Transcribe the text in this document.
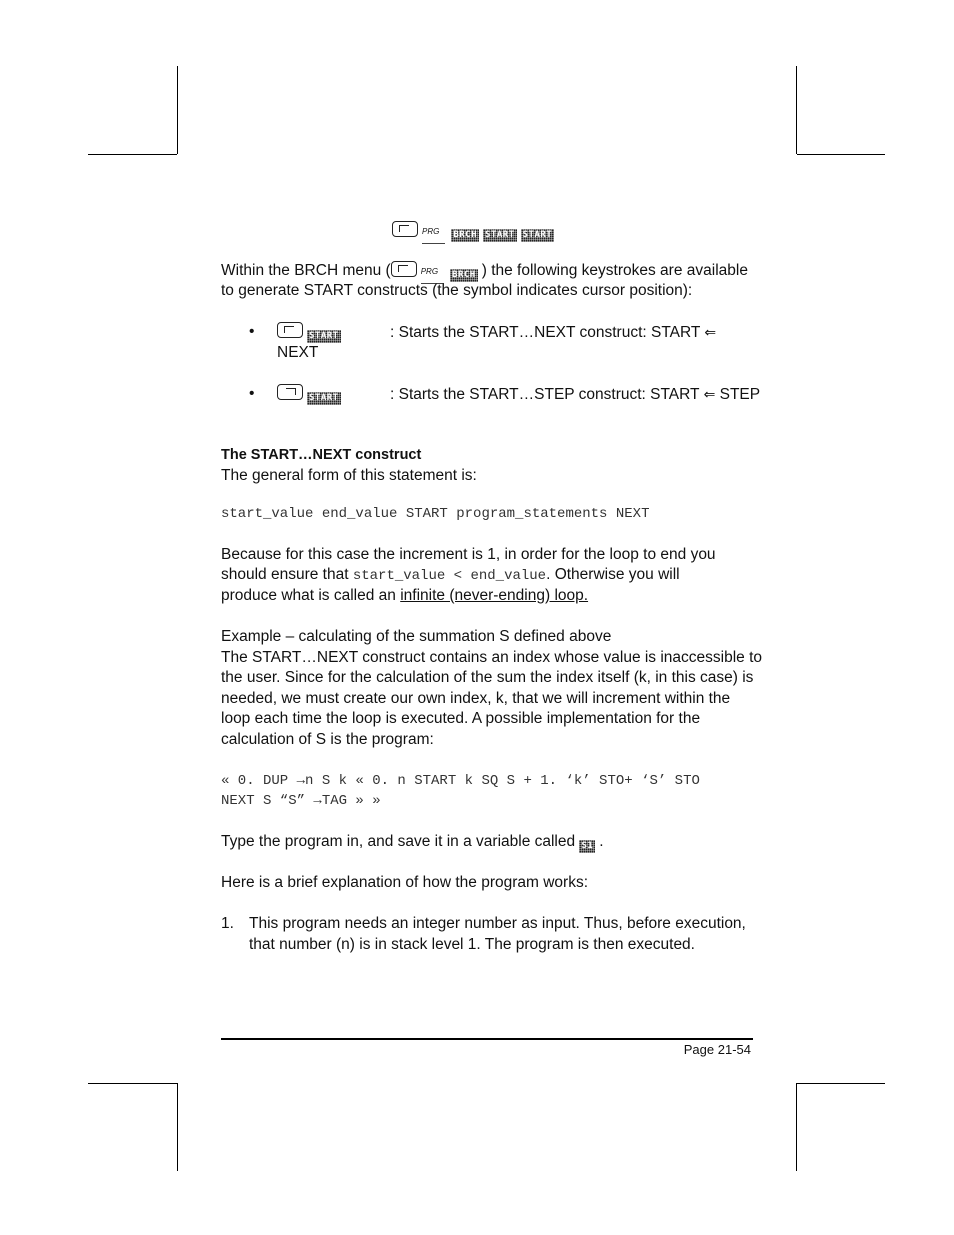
PRG BRCH START START
Within the BRCH menu (	PRG BRCH ) the following keystrokes are available
to generate START constructs (the symbol indicates cursor position):
•	START	: Starts the START…NEXT construct: START ⇐
NEXT
•	START	: Starts the START…STEP construct: START ⇐ STEP
The START…NEXT construct
The general form of this statement is:
start_value end_value START program_statements NEXT
Because for this case the increment is 1, in order for the loop to end you
should ensure that start_value < end_value. Otherwise you will
produce what is called an infinite (never-ending) loop.
Example – calculating of the summation S defined above
The START…NEXT construct contains an index whose value is inaccessible to
the user. Since for the calculation of the sum the index itself (k, in this case) is
needed, we must create our own index, k, that we will increment within the
loop each time the loop is executed. A possible implementation for the
calculation of S is the program:
« 0. DUP →n S k « 0. n START k SQ S + 1. ‘k’ STO+ ‘S’ STO
NEXT S “S” →TAG » »
Type the program in, and save it in a variable called S1 .
Here is a brief explanation of how the program works:
1. This program needs an integer number as input. Thus, before execution,
that number (n) is in stack level 1. The program is then executed.
Page 21-54
